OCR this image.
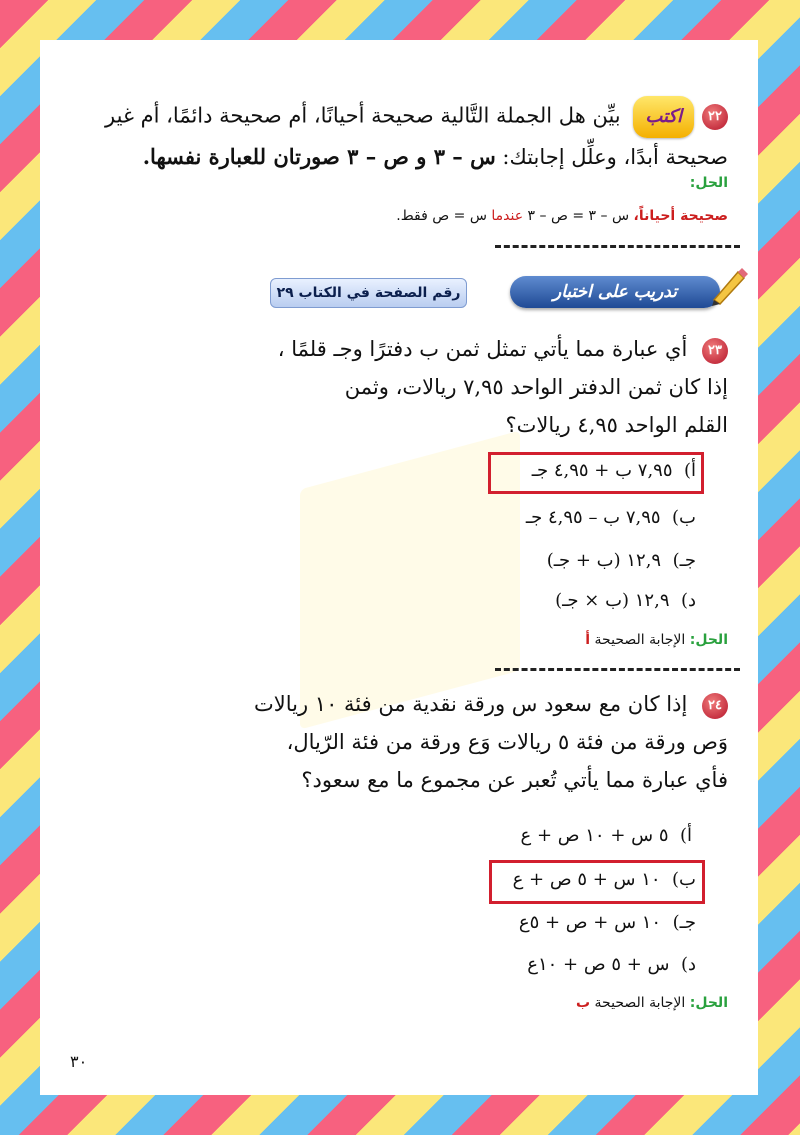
٢٢اكتب بيِّن هل الجملة التَّالية صحيحة أحيانًا، أم صحيحة دائمًا، أم غير
صحيحة أبدًا، وعلِّل إجابتك: س – ٣ و ص – ٣ صورتان للعبارة نفسها.
الحل:
صحيحة أحياناً، س – ٣ = ص – ٣ عندما س = ص فقط.
رقم الصفحة في الكتاب ٢٩	تدريب على اختبار
٢٣ أي عبارة مما يأتي تمثل ثمن ب دفترًا وجـ قلمًا ،
إذا كان ثمن الدفتر الواحد ٧,٩٥ ريالات، وثمن
القلم الواحد ٤,٩٥ ريالات؟
أ)  ٧,٩٥ ب + ٤,٩٥ جـ
ب)  ٧,٩٥ ب – ٤,٩٥ جـ
جـ)  ١٢,٩ (ب + جـ)
د)  ١٢,٩ (ب × جـ)
الحل: الإجابة الصحيحة أ
٢٤ إذا كان مع سعود س ورقة نقدية من فئة ١٠ ريالات
وَص ورقة من فئة ٥ ريالات وَع ورقة من فئة الرّيال،
فأي عبارة مما يأتي تُعبر عن مجموع ما مع سعود؟
أ)  ٥ س + ١٠ ص + ع
ب)  ١٠ س + ٥ ص + ع
جـ)  ١٠ س + ص + ٥ع
د)  س + ٥ ص + ١٠ع
الحل: الإجابة الصحيحة ب
٣٠
